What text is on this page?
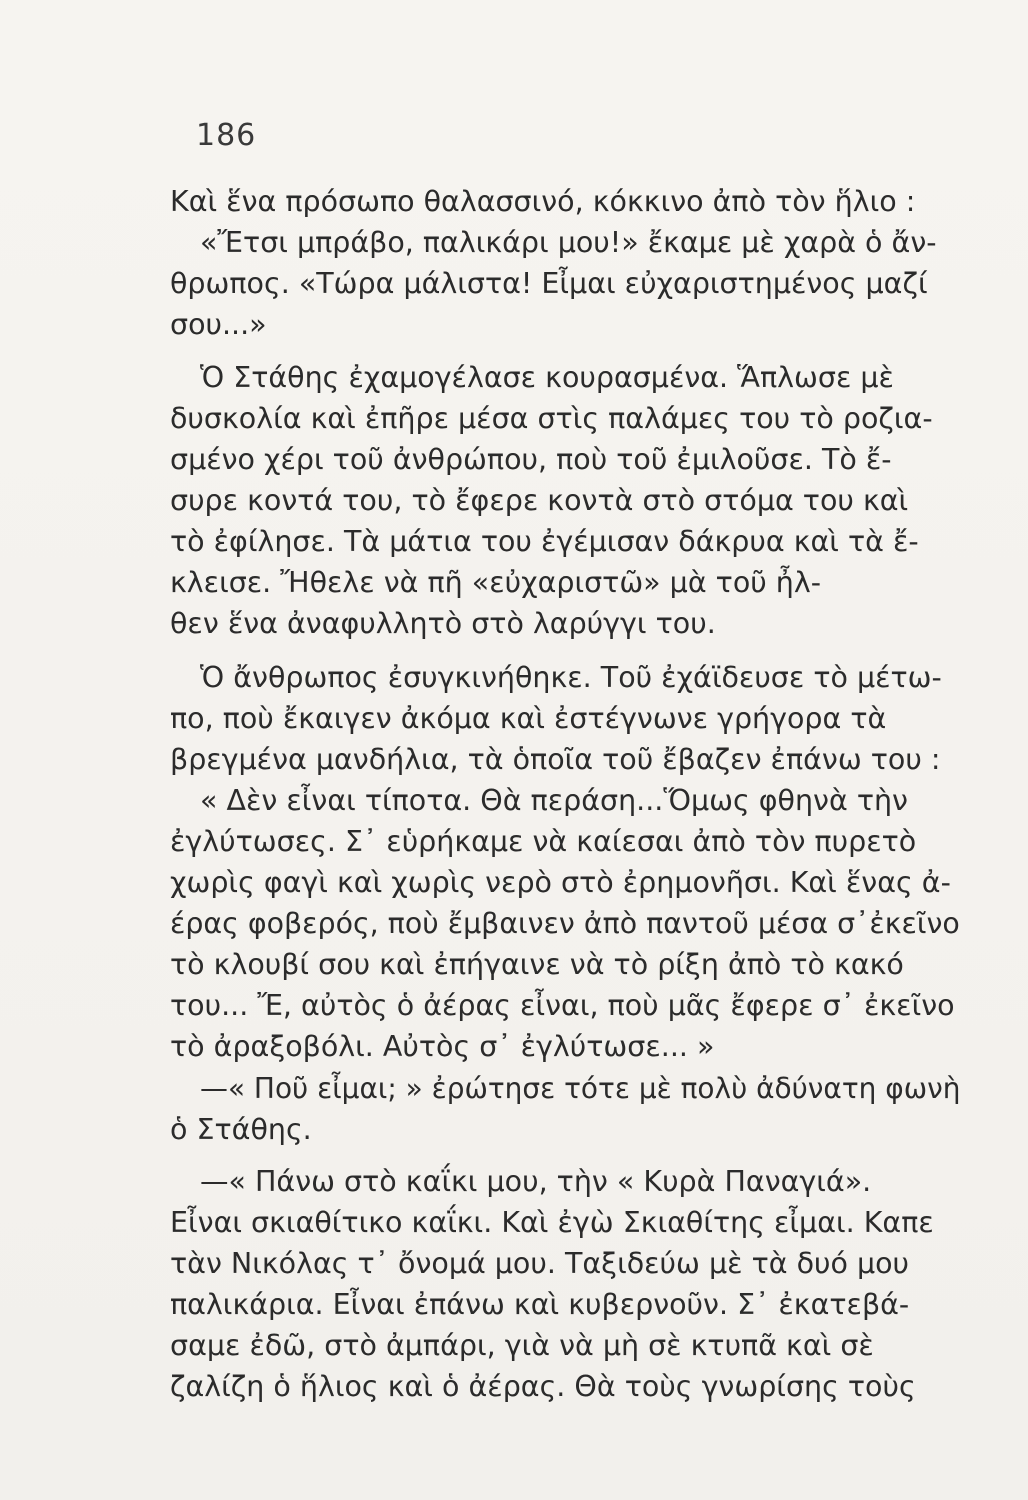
186
Καὶ ἕνα πρόσωπο θαλασσινό, κόκκινο ἀπὸ τὸν ἥλιο :
«Ἔτσι μπράβο, παλικάρι μου!» ἔκαμε μὲ χαρὰ ὁ ἄν-
θρωπος. «Τώρα μάλιστα! Εἶμαι εὐχαριστημένος μαζί
σου...»
Ὁ Στάθης ἐχαμογέλασε κουρασμένα. Ἅπλωσε μὲ
δυσκολία καὶ ἐπῆρε μέσα στὶς παλάμες του τὸ ροζια-
σμένο χέρι τοῦ ἀνθρώπου, ποὺ τοῦ ἐμιλοῦσε. Τὸ ἔ-
συρε κοντά του, τὸ ἔφερε κοντὰ στὸ στόμα του καὶ
τὸ ἐφίλησε. Τὰ μάτια του ἐγέμισαν δάκρυα καὶ τὰ ἔ-
κλεισε. Ἤθελε νὰ πῆ «εὐχαριστῶ» μὰ τοῦ ἦλ-
θεν ἕνα ἀναφυλλητὸ στὸ λαρύγγι του.
Ὁ ἄνθρωπος ἐσυγκινήθηκε. Τοῦ ἐχάϊδευσε τὸ μέτω-
πο, ποὺ ἔκαιγεν ἀκόμα καὶ ἐστέγνωνε γρήγορα τὰ
βρεγμένα μανδήλια, τὰ ὁποῖα τοῦ ἔβαζεν ἐπάνω του :
« Δὲν εἶναι τίποτα. Θὰ περάση...Ὅμως φθηνὰ τὴν
ἐγλύτωσες. Σ᾽ εὑρήκαμε νὰ καίεσαι ἀπὸ τὸν πυρετὸ
χωρὶς φαγὶ καὶ χωρὶς νερὸ στὸ ἐρημονῆσι. Καὶ ἕνας ἀ-
έρας φοβερός, ποὺ ἔμβαινεν ἀπὸ παντοῦ μέσα σ᾽ἐκεῖνο
τὸ κλουβί σου καὶ ἐπήγαινε νὰ τὸ ρίξη ἀπὸ τὸ κακό
του... Ἔ, αὐτὸς ὁ ἀέρας εἶναι, ποὺ μᾶς ἔφερε σ᾽ ἐκεῖνο
τὸ ἀραξοβόλι. Αὐτὸς σ᾽ ἐγλύτωσε... »
—« Ποῦ εἶμαι; » ἐρώτησε τότε μὲ πολὺ ἀδύνατη φωνὴ
ὁ Στάθης.
—« Πάνω στὸ καΐκι μου, τὴν « Κυρὰ Παναγιά».
Εἶναι σκιαθίτικο καΐκι. Καὶ ἐγὼ Σκιαθίτης εἶμαι. Καπε
τὰν Νικόλας τ᾽ ὄνομά μου. Ταξιδεύω μὲ τὰ δυό μου
παλικάρια. Εἶναι ἐπάνω καὶ κυβερνοῦν. Σ᾽ ἐκατεβά-
σαμε ἐδῶ, στὸ ἀμπάρι, γιὰ νὰ μὴ σὲ κτυπᾶ καὶ σὲ
ζαλίζη ὁ ἥλιος καὶ ὁ ἀέρας. Θὰ τοὺς γνωρίσης τοὺς
